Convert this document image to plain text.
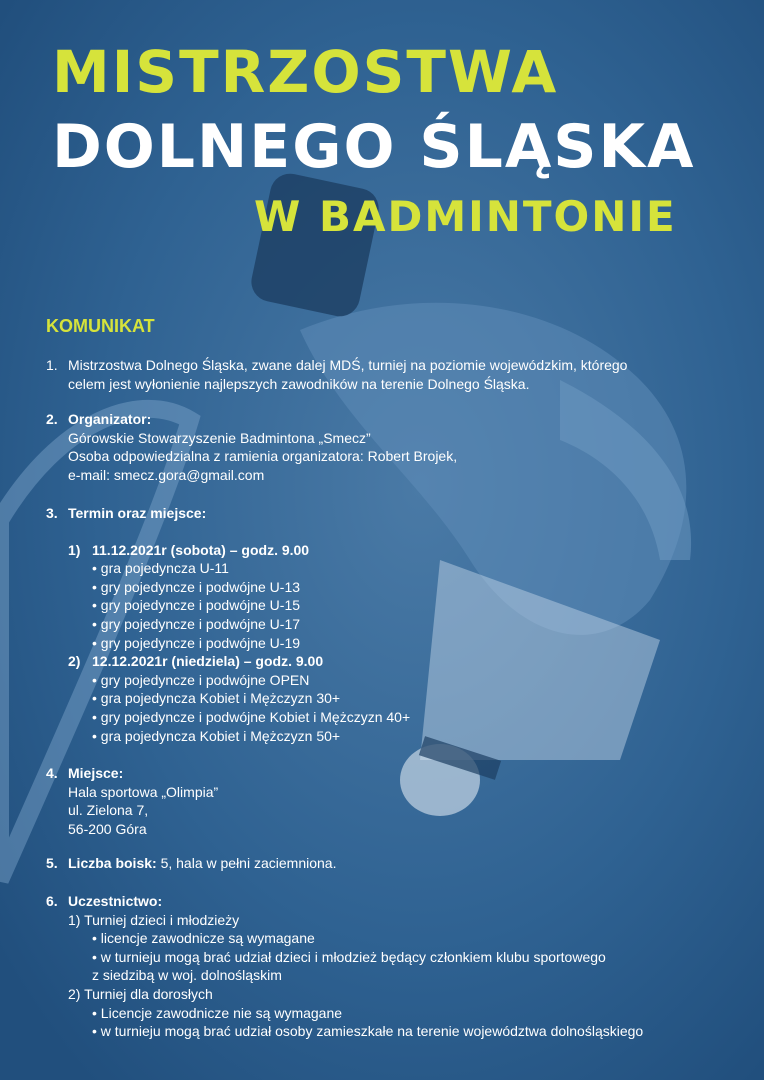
MISTRZOSTWA
DOLNEGO ŚLĄSKA
W BADMINTONIE
KOMUNIKAT
1. Mistrzostwa Dolnego Śląska, zwane dalej MDŚ, turniej na poziomie wojewódzkim, którego
celem jest wyłonienie najlepszych zawodników na terenie Dolnego Śląska.
2. Organizator:
Górowskie Stowarzyszenie Badmintona „Smecz”
Osoba odpowiedzialna z ramienia organizatora: Robert Brojek,
e-mail: smecz.gora@gmail.com
3. Termin oraz miejsce:
1) 11.12.2021r (sobota) – godz. 9.00
• gra pojedyncza U-11
• gry pojedyncze i podwójne U-13
• gry pojedyncze i podwójne U-15
• gry pojedyncze i podwójne U-17
• gry pojedyncze i podwójne U-19
2) 12.12.2021r (niedziela) – godz. 9.00
• gry pojedyncze i podwójne OPEN
• gra pojedyncza Kobiet i Mężczyzn 30+
• gry pojedyncze i podwójne Kobiet i Mężczyzn 40+
• gra pojedyncza Kobiet i Mężczyzn 50+
4. Miejsce:
Hala sportowa „Olimpia”
ul. Zielona 7,
56-200 Góra
5. Liczba boisk: 5, hala w pełni zaciemniona.
6. Uczestnictwo:
1) Turniej dzieci i młodzieży
• licencje zawodnicze są wymagane
• w turnieju mogą brać udział dzieci i młodzież będący członkiem klubu sportowego
z siedzibą w woj. dolnośląskim
2) Turniej dla dorosłych
• Licencje zawodnicze nie są wymagane
• w turnieju mogą brać udział osoby zamieszkałe na terenie województwa dolnośląskiego
